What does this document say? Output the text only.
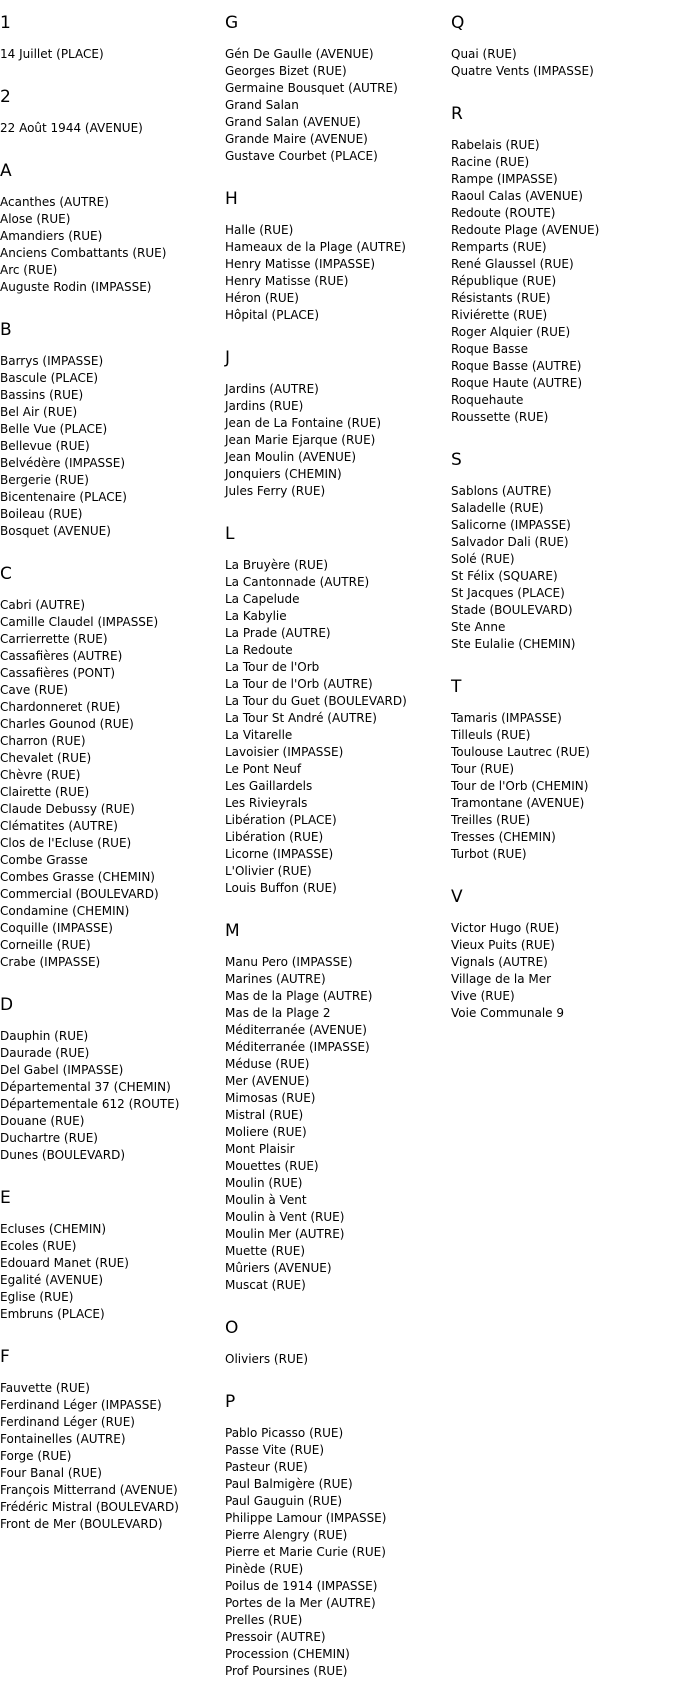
1
14 Juillet (PLACE)
2
22 Août 1944 (AVENUE)
A
Acanthes (AUTRE)
Alose (RUE)
Amandiers (RUE)
Anciens Combattants (RUE)
Arc (RUE)
Auguste Rodin (IMPASSE)
B
Barrys (IMPASSE)
Bascule (PLACE)
Bassins (RUE)
Bel Air (RUE)
Belle Vue (PLACE)
Bellevue (RUE)
Belvédère (IMPASSE)
Bergerie (RUE)
Bicentenaire (PLACE)
Boileau (RUE)
Bosquet (AVENUE)
C
Cabri (AUTRE)
Camille Claudel (IMPASSE)
Carrierrette (RUE)
Cassafières (AUTRE)
Cassafières (PONT)
Cave (RUE)
Chardonneret (RUE)
Charles Gounod (RUE)
Charron (RUE)
Chevalet (RUE)
Chèvre (RUE)
Clairette (RUE)
Claude Debussy (RUE)
Clématites (AUTRE)
Clos de l'Ecluse (RUE)
Combe Grasse
Combes Grasse (CHEMIN)
Commercial (BOULEVARD)
Condamine (CHEMIN)
Coquille (IMPASSE)
Corneille (RUE)
Crabe (IMPASSE)
D
Dauphin (RUE)
Daurade (RUE)
Del Gabel (IMPASSE)
Départemental 37 (CHEMIN)
Départementale 612 (ROUTE)
Douane (RUE)
Duchartre (RUE)
Dunes (BOULEVARD)
E
Ecluses (CHEMIN)
Ecoles (RUE)
Edouard Manet (RUE)
Egalité (AVENUE)
Eglise (RUE)
Embruns (PLACE)
F
Fauvette (RUE)
Ferdinand Léger (IMPASSE)
Ferdinand Léger (RUE)
Fontainelles (AUTRE)
Forge (RUE)
Four Banal (RUE)
François Mitterrand (AVENUE)
Frédéric Mistral (BOULEVARD)
Front de Mer (BOULEVARD)
G
Gén De Gaulle (AVENUE)
Georges Bizet (RUE)
Germaine Bousquet (AUTRE)
Grand Salan
Grand Salan (AVENUE)
Grande Maire (AVENUE)
Gustave Courbet (PLACE)
H
Halle (RUE)
Hameaux de la Plage (AUTRE)
Henry Matisse (IMPASSE)
Henry Matisse (RUE)
Héron (RUE)
Hôpital (PLACE)
J
Jardins (AUTRE)
Jardins (RUE)
Jean de La Fontaine (RUE)
Jean Marie Ejarque (RUE)
Jean Moulin (AVENUE)
Jonquiers (CHEMIN)
Jules Ferry (RUE)
L
La Bruyère (RUE)
La Cantonnade (AUTRE)
La Capelude
La Kabylie
La Prade (AUTRE)
La Redoute
La Tour de l'Orb
La Tour de l'Orb (AUTRE)
La Tour du Guet (BOULEVARD)
La Tour St André (AUTRE)
La Vitarelle
Lavoisier (IMPASSE)
Le Pont Neuf
Les Gaillardels
Les Rivieyrals
Libération (PLACE)
Libération (RUE)
Licorne (IMPASSE)
L'Olivier (RUE)
Louis Buffon (RUE)
M
Manu Pero (IMPASSE)
Marines (AUTRE)
Mas de la Plage (AUTRE)
Mas de la Plage 2
Méditerranée (AVENUE)
Méditerranée (IMPASSE)
Méduse (RUE)
Mer (AVENUE)
Mimosas (RUE)
Mistral (RUE)
Moliere (RUE)
Mont Plaisir
Mouettes (RUE)
Moulin (RUE)
Moulin à Vent
Moulin à Vent (RUE)
Moulin Mer (AUTRE)
Muette (RUE)
Mûriers (AVENUE)
Muscat (RUE)
O
Oliviers (RUE)
P
Pablo Picasso (RUE)
Passe Vite (RUE)
Pasteur (RUE)
Paul Balmigère (RUE)
Paul Gauguin (RUE)
Philippe Lamour (IMPASSE)
Pierre Alengry (RUE)
Pierre et Marie Curie (RUE)
Pinède (RUE)
Poilus de 1914 (IMPASSE)
Portes de la Mer (AUTRE)
Prelles (RUE)
Pressoir (AUTRE)
Procession (CHEMIN)
Prof Poursines (RUE)
Q
Quai (RUE)
Quatre Vents (IMPASSE)
R
Rabelais (RUE)
Racine (RUE)
Rampe (IMPASSE)
Raoul Calas (AVENUE)
Redoute (ROUTE)
Redoute Plage (AVENUE)
Remparts (RUE)
René Glaussel (RUE)
République (RUE)
Résistants (RUE)
Riviérette (RUE)
Roger Alquier (RUE)
Roque Basse
Roque Basse (AUTRE)
Roque Haute (AUTRE)
Roquehaute
Roussette (RUE)
S
Sablons (AUTRE)
Saladelle (RUE)
Salicorne (IMPASSE)
Salvador Dali (RUE)
Solé (RUE)
St Félix (SQUARE)
St Jacques (PLACE)
Stade (BOULEVARD)
Ste Anne
Ste Eulalie (CHEMIN)
T
Tamaris (IMPASSE)
Tilleuls (RUE)
Toulouse Lautrec (RUE)
Tour (RUE)
Tour de l'Orb (CHEMIN)
Tramontane (AVENUE)
Treilles (RUE)
Tresses (CHEMIN)
Turbot (RUE)
V
Victor Hugo (RUE)
Vieux Puits (RUE)
Vignals (AUTRE)
Village de la Mer
Vive (RUE)
Voie Communale 9
